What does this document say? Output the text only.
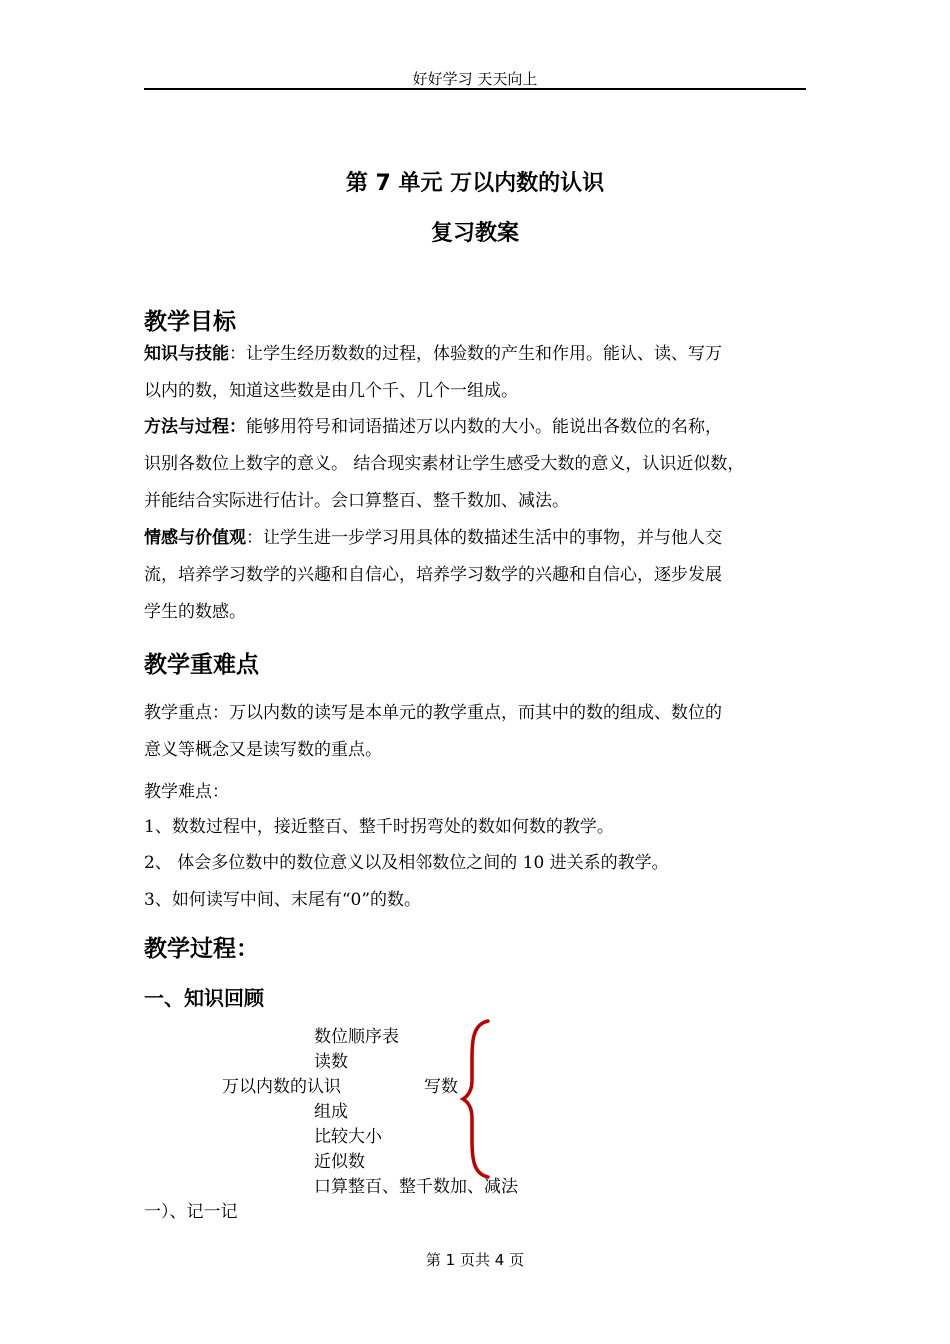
好好学习 天天向上
第 7 单元 万以内数的认识
复习教案
教学目标
知识与技能：让学生经历数数的过程，体验数的产生和作用。能认、读、写万
以内的数，知道这些数是由几个千、几个一组成。
方法与过程：能够用符号和词语描述万以内数的大小。能说出各数位的名称，
识别各数位上数字的意义。 结合现实素材让学生感受大数的意义，认识近似数，
并能结合实际进行估计。会口算整百、整千数加、减法。
情感与价值观：让学生进一步学习用具体的数描述生活中的事物，并与他人交
流，培养学习数学的兴趣和自信心，培养学习数学的兴趣和自信心，逐步发展
学生的数感。
教学重难点
教学重点：万以内数的读写是本单元的教学重点，而其中的数的组成、数位的
意义等概念又是读写数的重点。
教学难点：
1、数数过程中，接近整百、整千时拐弯处的数如何数的教学。
2、 体会多位数中的数位意义以及相邻数位之间的 10 进关系的教学。
3、如何读写中间、末尾有“0”的数。
教学过程：
一、知识回顾
数位顺序表
读数
万以内数的认识	写数
组成
比较大小
近似数
口算整百、整千数加、减法
一）、记一记
第 1 页共 4 页
